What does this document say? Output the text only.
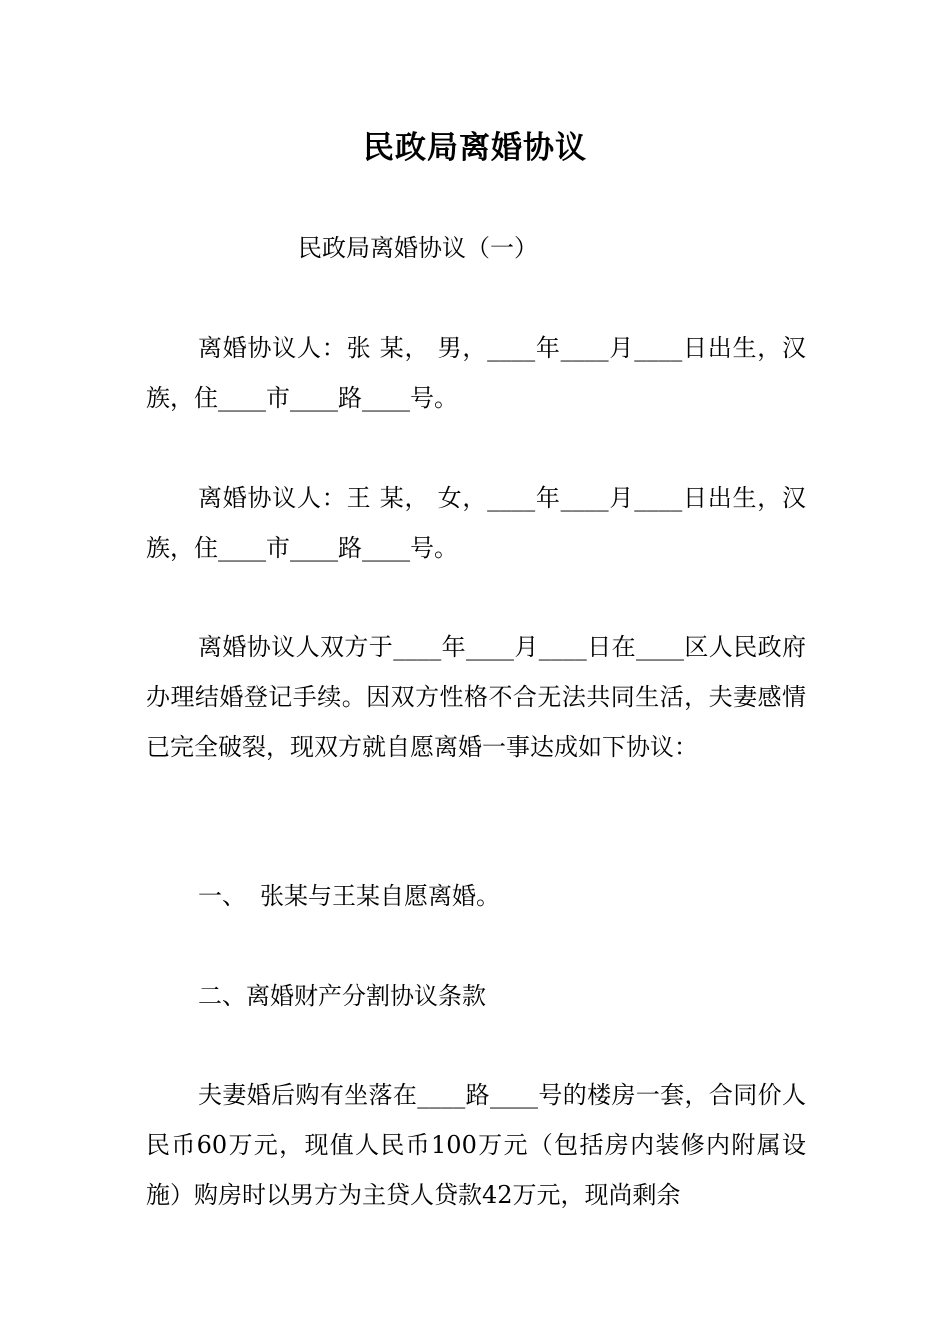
民政局离婚协议
民政局离婚协议（一）

离婚协议人：张 某， 男，____年____月____日出生，汉族，住____市____路____号。

离婚协议人：王 某， 女，____年____月____日出生，汉族，住____市____路____号。

离婚协议人双方于____年____月____日在____区人民政府办理结婚登记手续。因双方性格不合无法共同生活，夫妻感情已完全破裂，现双方就自愿离婚一事达成如下协议：

一、 张某与王某自愿离婚。

二、离婚财产分割协议条款

夫妻婚后购有坐落在____路____号的楼房一套，合同价人民币60万元，现值人民币100万元（包括房内装修内附属设施）购房时以男方为主贷人贷款42万元，现尚剩余
